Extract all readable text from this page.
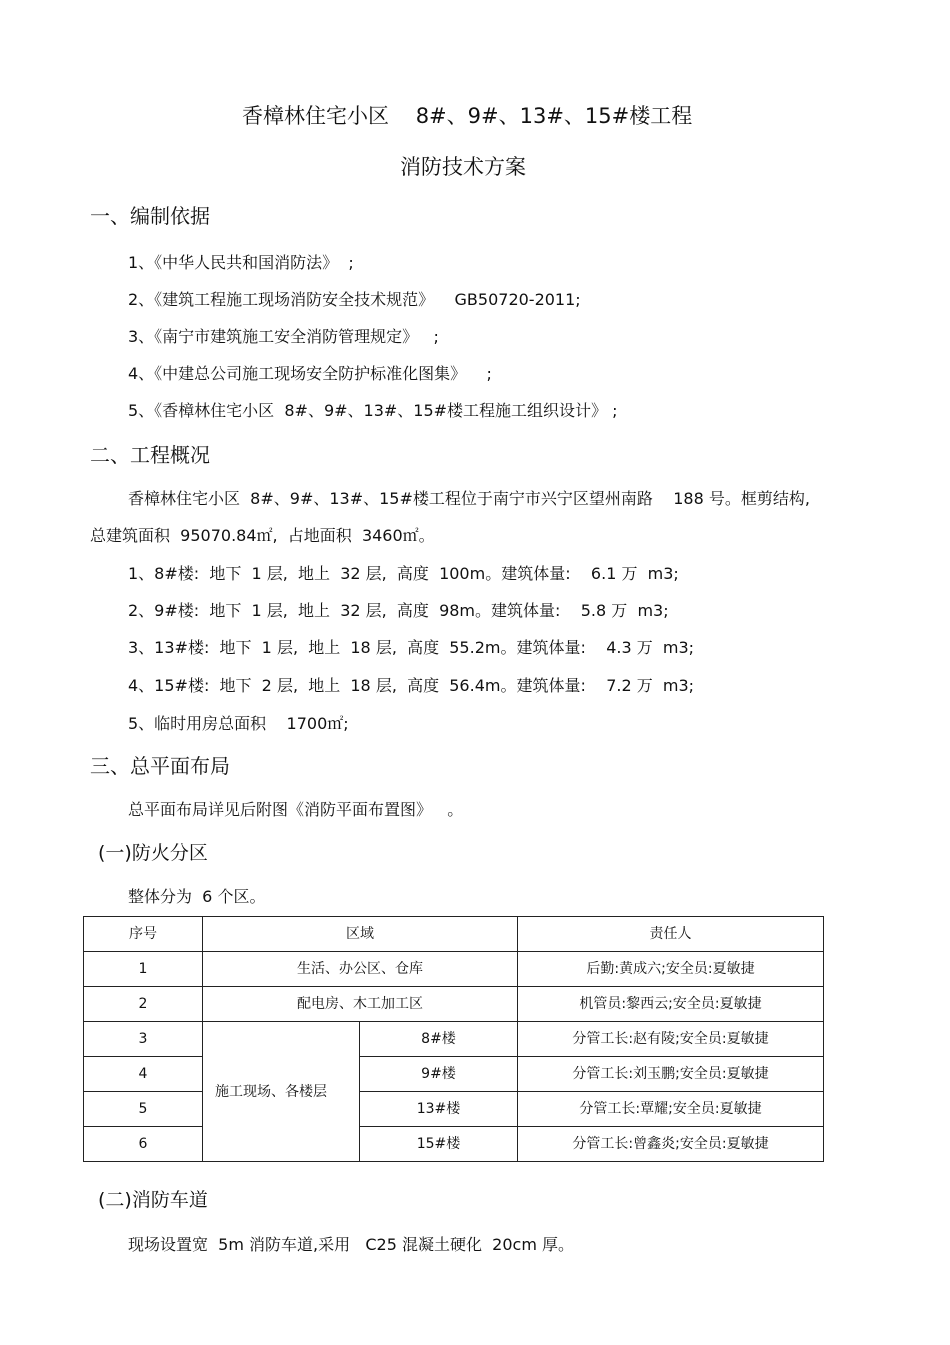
香樟林住宅小区    8#、9#、13#、15#楼工程
消防技术方案
一、编制依据
1、《中华人民共和国消防法》  ;
2、《建筑工程施工现场消防安全技术规范》    GB50720-2011;
3、《南宁市建筑施工安全消防管理规定》   ;
4、《中建总公司施工现场安全防护标准化图集》    ;
5、《香樟林住宅小区  8#、9#、13#、15#楼工程施工组织设计》 ;
二、工程概况
香樟林住宅小区  8#、9#、13#、15#楼工程位于南宁市兴宁区望州南路    188 号。框剪结构,
总建筑面积  95070.84㎡,  占地面积  3460㎡。
1、8#楼:  地下  1 层,  地上  32 层,  高度  100m。建筑体量:    6.1 万  m3;
2、9#楼:  地下  1 层,  地上  32 层,  高度  98m。建筑体量:    5.8 万  m3;
3、13#楼:  地下  1 层,  地上  18 层,  高度  55.2m。建筑体量:    4.3 万  m3;
4、15#楼:  地下  2 层,  地上  18 层,  高度  56.4m。建筑体量:    7.2 万  m3;
5、临时用房总面积    1700㎡;
三、总平面布局
总平面布局详见后附图《消防平面布置图》   。
(一)防火分区
整体分为  6 个区。
序号	区域		责任人
1	生活、办公区、仓库		后勤:黄成六;安全员:夏敏捷
2	配电房、木工加工区		机管员:黎西云;安全员:夏敏捷
3	施工现场、各楼层	8#楼	分管工长:赵有陵;安全员:夏敏捷
4		9#楼	分管工长:刘玉鹏;安全员:夏敏捷
5		13#楼	分管工长:覃耀;安全员:夏敏捷
6		15#楼	分管工长:曾鑫炎;安全员:夏敏捷
(二)消防车道
现场设置宽  5m 消防车道,采用   C25 混凝土硬化  20cm 厚。
